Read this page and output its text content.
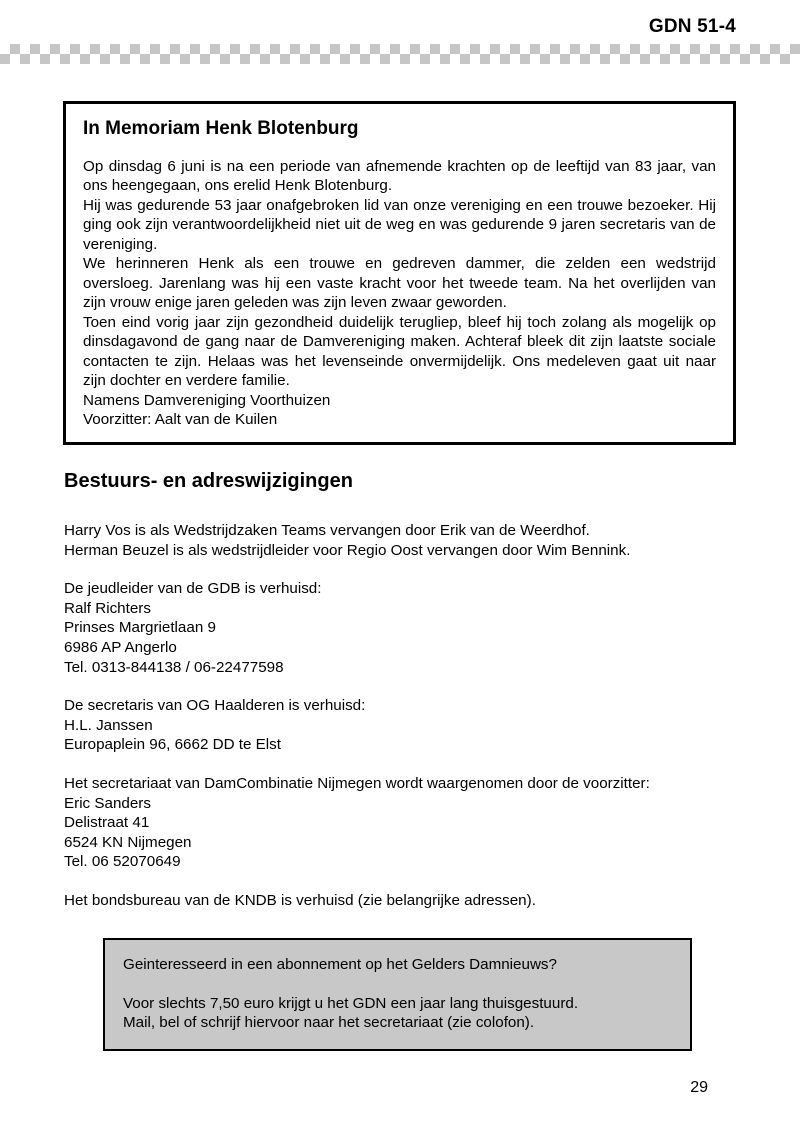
GDN 51-4
In Memoriam Henk Blotenburg

Op dinsdag 6 juni is na een periode van afnemende krachten op de leeftijd van 83 jaar, van ons heengegaan, ons erelid Henk Blotenburg.

Hij was gedurende 53 jaar onafgebroken lid van onze vereniging en een trouwe bezoeker. Hij ging ook zijn verantwoordelijkheid niet uit de weg en was gedurende 9 jaren secretaris van de vereniging.

We herinneren Henk als een trouwe en gedreven dammer, die zelden een wedstrijd oversloeg. Jarenlang was hij een vaste kracht voor het tweede team. Na het overlijden van zijn vrouw enige jaren geleden was zijn leven zwaar geworden.

Toen eind vorig jaar zijn gezondheid duidelijk terugliep, bleef hij toch zolang als mogelijk op dinsdagavond de gang naar de Damvereniging maken. Achteraf bleek dit zijn laatste sociale contacten te zijn. Helaas was het levenseinde onvermijdelijk. Ons medeleven gaat uit naar zijn dochter en verdere familie.

Namens Damvereniging Voorthuizen

Voorzitter: Aalt van de Kuilen

Bestuurs- en adreswijzigingen
Harry Vos is als Wedstrijdzaken Teams vervangen door Erik van de Weerdhof.
Herman Beuzel is als wedstrijdleider voor Regio Oost vervangen door Wim Bennink.
De jeudleider van de GDB is verhuisd:
Ralf Richters
Prinses Margrietlaan 9
6986 AP Angerlo
Tel. 0313-844138 / 06-22477598
De secretaris van OG Haalderen is verhuisd:
H.L. Janssen
Europaplein 96, 6662 DD te Elst
Het secretariaat van DamCombinatie Nijmegen wordt waargenomen door de voorzitter:
Eric Sanders
Delistraat 41
6524 KN Nijmegen
Tel. 06 52070649
Het bondsbureau van de KNDB is verhuisd (zie belangrijke adressen).
Geinteresseerd in een abonnement op het Gelders Damnieuws?
Voor slechts 7,50 euro krijgt u het GDN een jaar lang thuisgestuurd.
Mail, bel of schrijf hiervoor naar het secretariaat (zie colofon).
29
